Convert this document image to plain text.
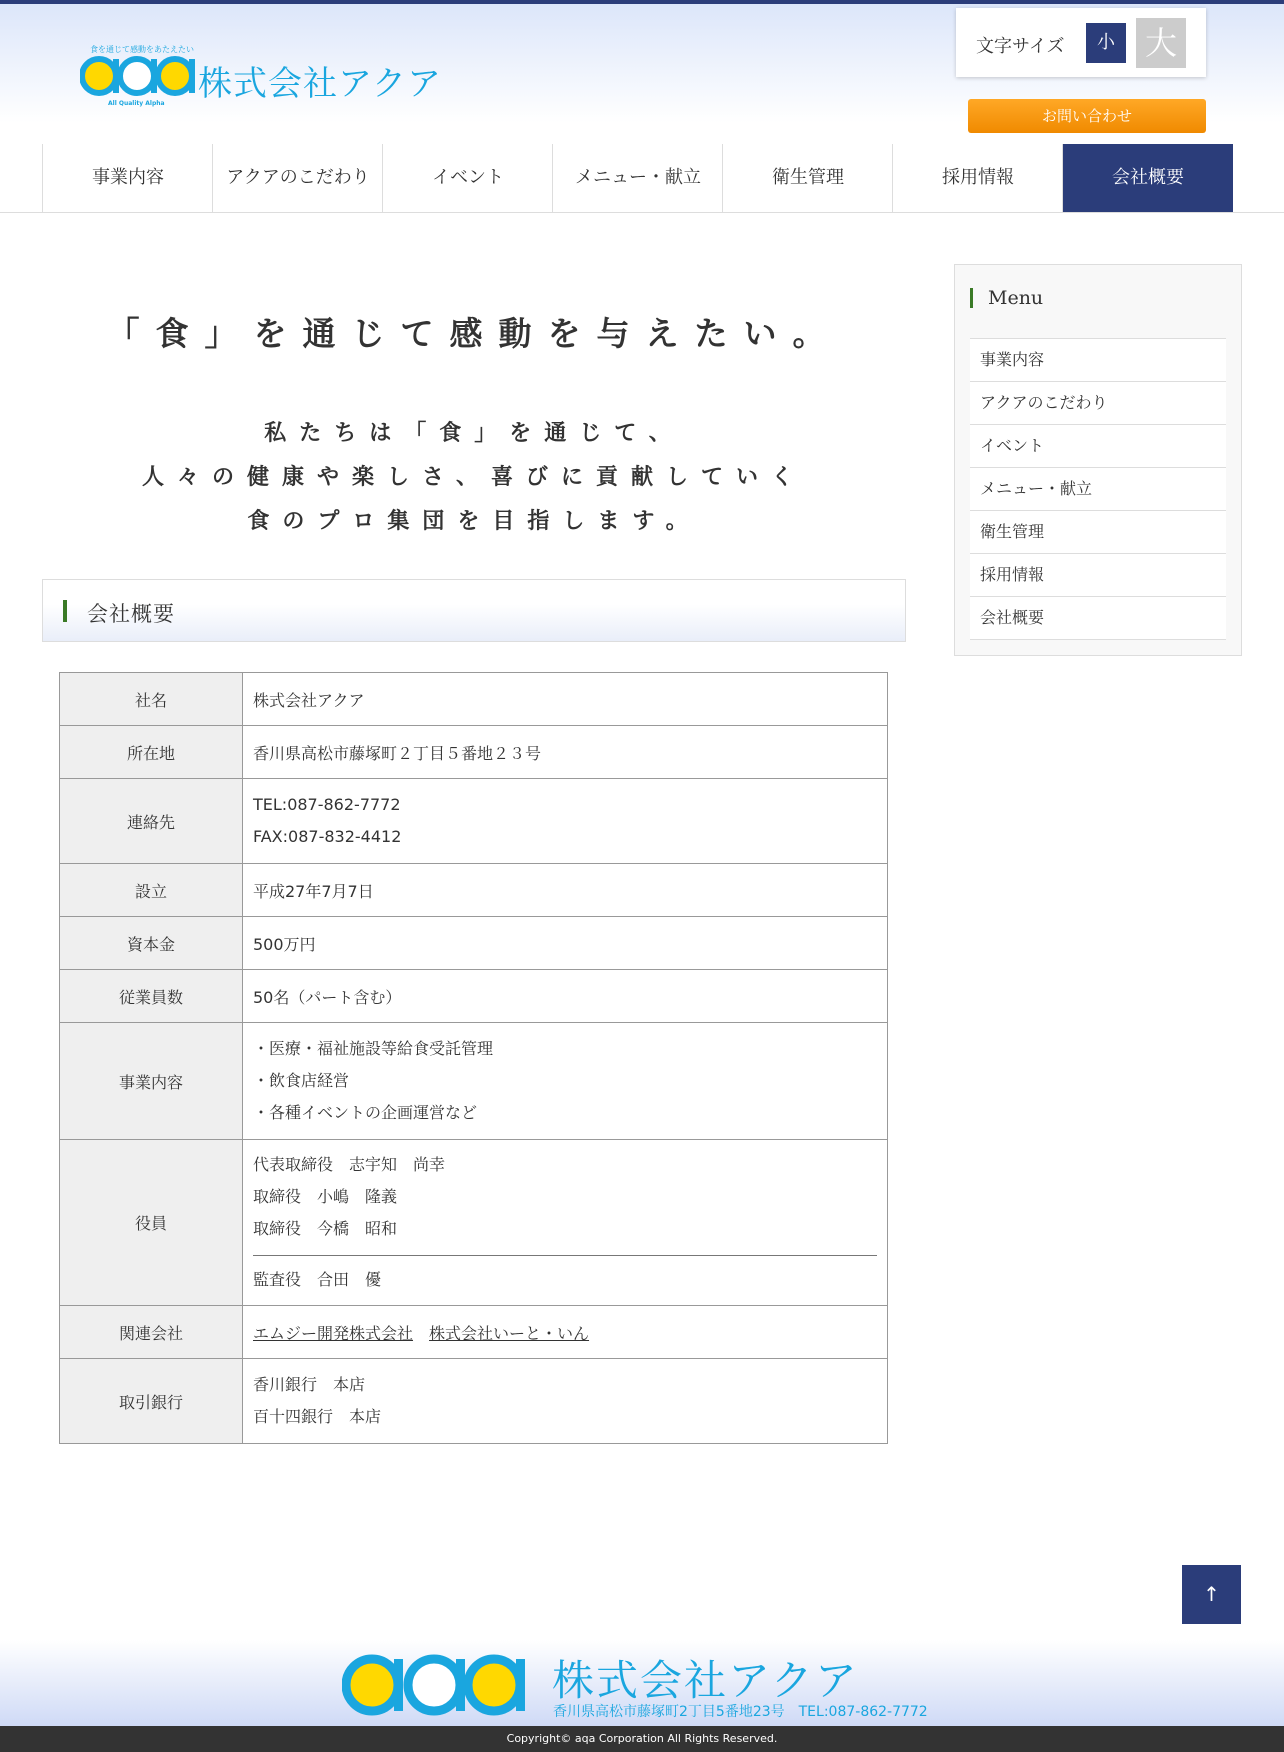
食を通じて感動をあたえたい
All Quality Alpha 株式会社アクア
文字サイズ	小 大
お問い合わせ
事業内容	アクアのこだわり	イベント	メニュー・献立	衛生管理	採用情報	会社概要
「食」を通じて感動を与えたい。
私たちは「食」を通じて、
人々の健康や楽しさ、喜びに貢献していく
食のプロ集団を目指します。
会社概要
社名	株式会社アクア
所在地	香川県高松市藤塚町２丁目５番地２３号
連絡先	TEL:087-862-7772
FAX:087-832-4412

設立	平成27年7月7日
資本金	500万円
従業員数	50名（パート含む）
事業内容	・医療・福祉施設等給食受託管理
・飲食店経営
・各種イベントの企画運営など

役員	代表取締役　志宇知　尚幸
取締役　小嶋　隆義
取締役　今橋　昭和
監査役　合田　優

関連会社	エムジー開発株式会社　 株式会社いーと・いん
取引銀行	香川銀行　本店
百十四銀行　本店
Menu
事業内容
アクアのこだわり
イベント
メニュー・献立
衛生管理
採用情報
会社概要
↑
株式会社アクア
香川県高松市藤塚町2丁目5番地23号　TEL:087-862-7772
Copyright© aqa Corporation All Rights Reserved.
